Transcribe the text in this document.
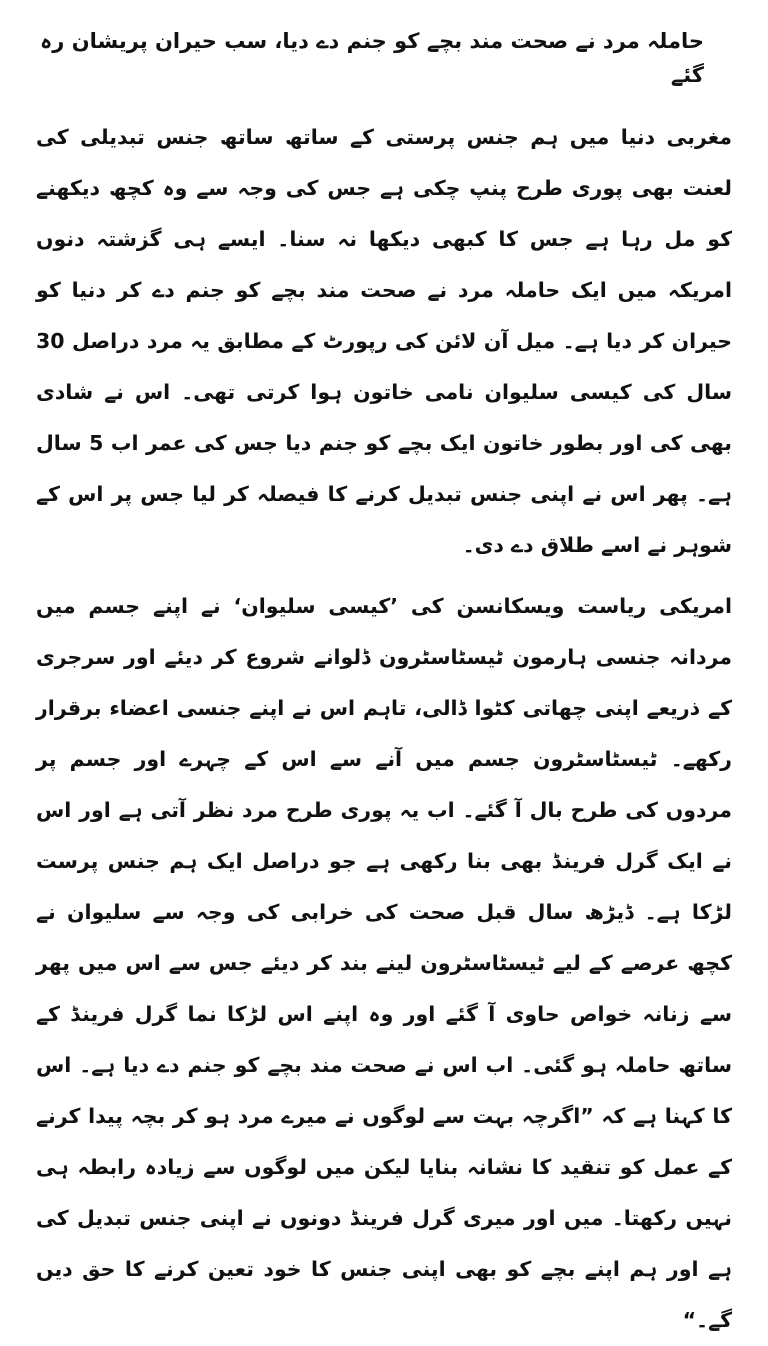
حاملہ مرد نے صحت مند بچے کو جنم دے دیا، سب حیران پریشان رہ گئے

مغربی دنیا میں ہم جنس پرستی کے ساتھ ساتھ جنس تبدیلی کی لعنت بھی پوری طرح پنپ چکی ہے جس کی وجہ سے وہ کچھ دیکھنے کو مل رہا ہے جس کا کبھی دیکھا نہ سنا۔ ایسے ہی گزشتہ دنوں امریکہ میں ایک حاملہ مرد نے صحت مند بچے کو جنم دے کر دنیا کو حیران کر دیا ہے۔ میل آن لائن کی رپورٹ کے مطابق یہ مرد دراصل 30 سال کی کیسی سلیوان نامی خاتون ہوا کرتی تھی۔ اس نے شادی بھی کی اور بطور خاتون ایک بچے کو جنم دیا جس کی عمر اب 5 سال ہے۔ پھر اس نے اپنی جنس تبدیل کرنے کا فیصلہ کر لیا جس پر اس کے شوہر نے اسے طلاق دے دی۔

امریکی ریاست ویسکانسن کی ’کیسی سلیوان‘ نے اپنے جسم میں مردانہ جنسی ہارمون ٹیسٹاسٹرون ڈلوانے شروع کر دیئے اور سرجری کے ذریعے اپنی چھاتی کٹوا ڈالی، تاہم اس نے اپنے جنسی اعضاء برقرار رکھے۔ ٹیسٹاسٹرون جسم میں آنے سے اس کے چہرے اور جسم پر مردوں کی طرح بال آ گئے۔ اب یہ پوری طرح مرد نظر آتی ہے اور اس نے ایک گرل فرینڈ بھی بنا رکھی ہے جو دراصل ایک ہم جنس پرست لڑکا ہے۔ ڈیڑھ سال قبل صحت کی خرابی کی وجہ سے سلیوان نے کچھ عرصے کے لیے ٹیسٹاسٹرون لینے بند کر دیئے جس سے اس میں پھر سے زنانہ خواص حاوی آ گئے اور وہ اپنے اس لڑکا نما گرل فرینڈ کے ساتھ حاملہ ہو گئی۔ اب اس نے صحت مند بچے کو جنم دے دیا ہے۔ اس کا کہنا ہے کہ ”اگرچہ بہت سے لوگوں نے میرے مرد ہو کر بچہ پیدا کرنے کے عمل کو تنقید کا نشانہ بنایا لیکن میں لوگوں سے زیادہ رابطہ ہی نہیں رکھتا۔ میں اور میری گرل فرینڈ دونوں نے اپنی جنس تبدیل کی ہے اور ہم اپنے بچے کو بھی اپنی جنس کا خود تعین کرنے کا حق دیں گے۔“
